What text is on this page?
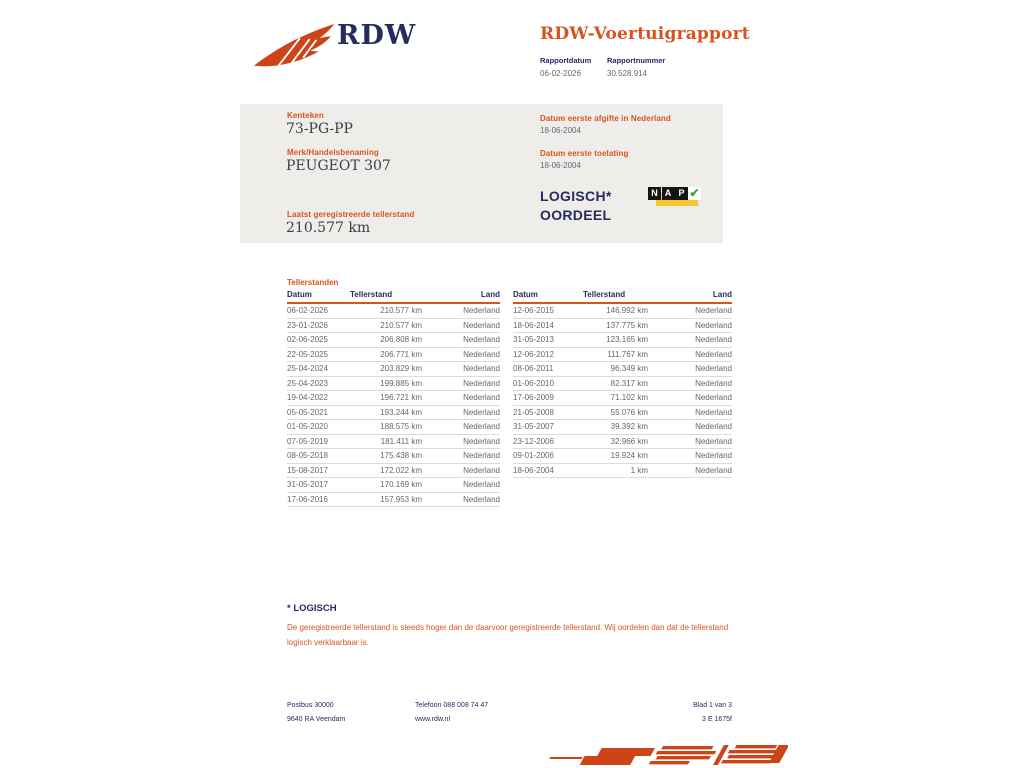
RDW	RDW-Voertuigrapport
Rapportdatum
06-02-2026
Rapportnummer
30.528.914
Kenteken
73-PG-PP
Merk/Handelsbenaming
PEUGEOT 307
Laatst geregistreerde tellerstand
210.577 km
Datum eerste afgifte in Nederland
18-06-2004
Datum eerste toelating
18-06-2004
LOGISCH*
OORDEEL
N A P ✔
Tellerstanden
Datum	Tellerstand	Land
06-02-2026	210.577 km	Nederland
23-01-2026	210.577 km	Nederland
02-06-2025	206.808 km	Nederland
22-05-2025	206.771 km	Nederland
25-04-2024	203.829 km	Nederland
25-04-2023	199.885 km	Nederland
19-04-2022	196.721 km	Nederland
05-05-2021	193.244 km	Nederland
01-05-2020	188.575 km	Nederland
07-05-2019	181.411 km	Nederland
08-05-2018	175.438 km	Nederland
15-08-2017	172.022 km	Nederland
31-05-2017	170.169 km	Nederland
17-06-2016	157.953 km	Nederland
Datum	Tellerstand	Land
12-06-2015	146.992 km	Nederland
18-06-2014	137.775 km	Nederland
31-05-2013	123.165 km	Nederland
12-06-2012	111.767 km	Nederland
08-06-2011	96.349 km	Nederland
01-06-2010	82.317 km	Nederland
17-06-2009	71.102 km	Nederland
21-05-2008	55.076 km	Nederland
31-05-2007	39.392 km	Nederland
23-12-2006	32.966 km	Nederland
09-01-2006	19.924 km	Nederland
18-06-2004	1 km	Nederland
* LOGISCH
De geregistreerde tellerstand is steeds hoger dan de daarvoor geregistreerde tellerstand. Wij oordelen dan dat de tellerstand logisch verklaarbaar is.
Postbus 30000
9640 RA Veendam
Telefoon 088 008 74 47
www.rdw.nl
Blad 1 van 3
3 E 1675f
